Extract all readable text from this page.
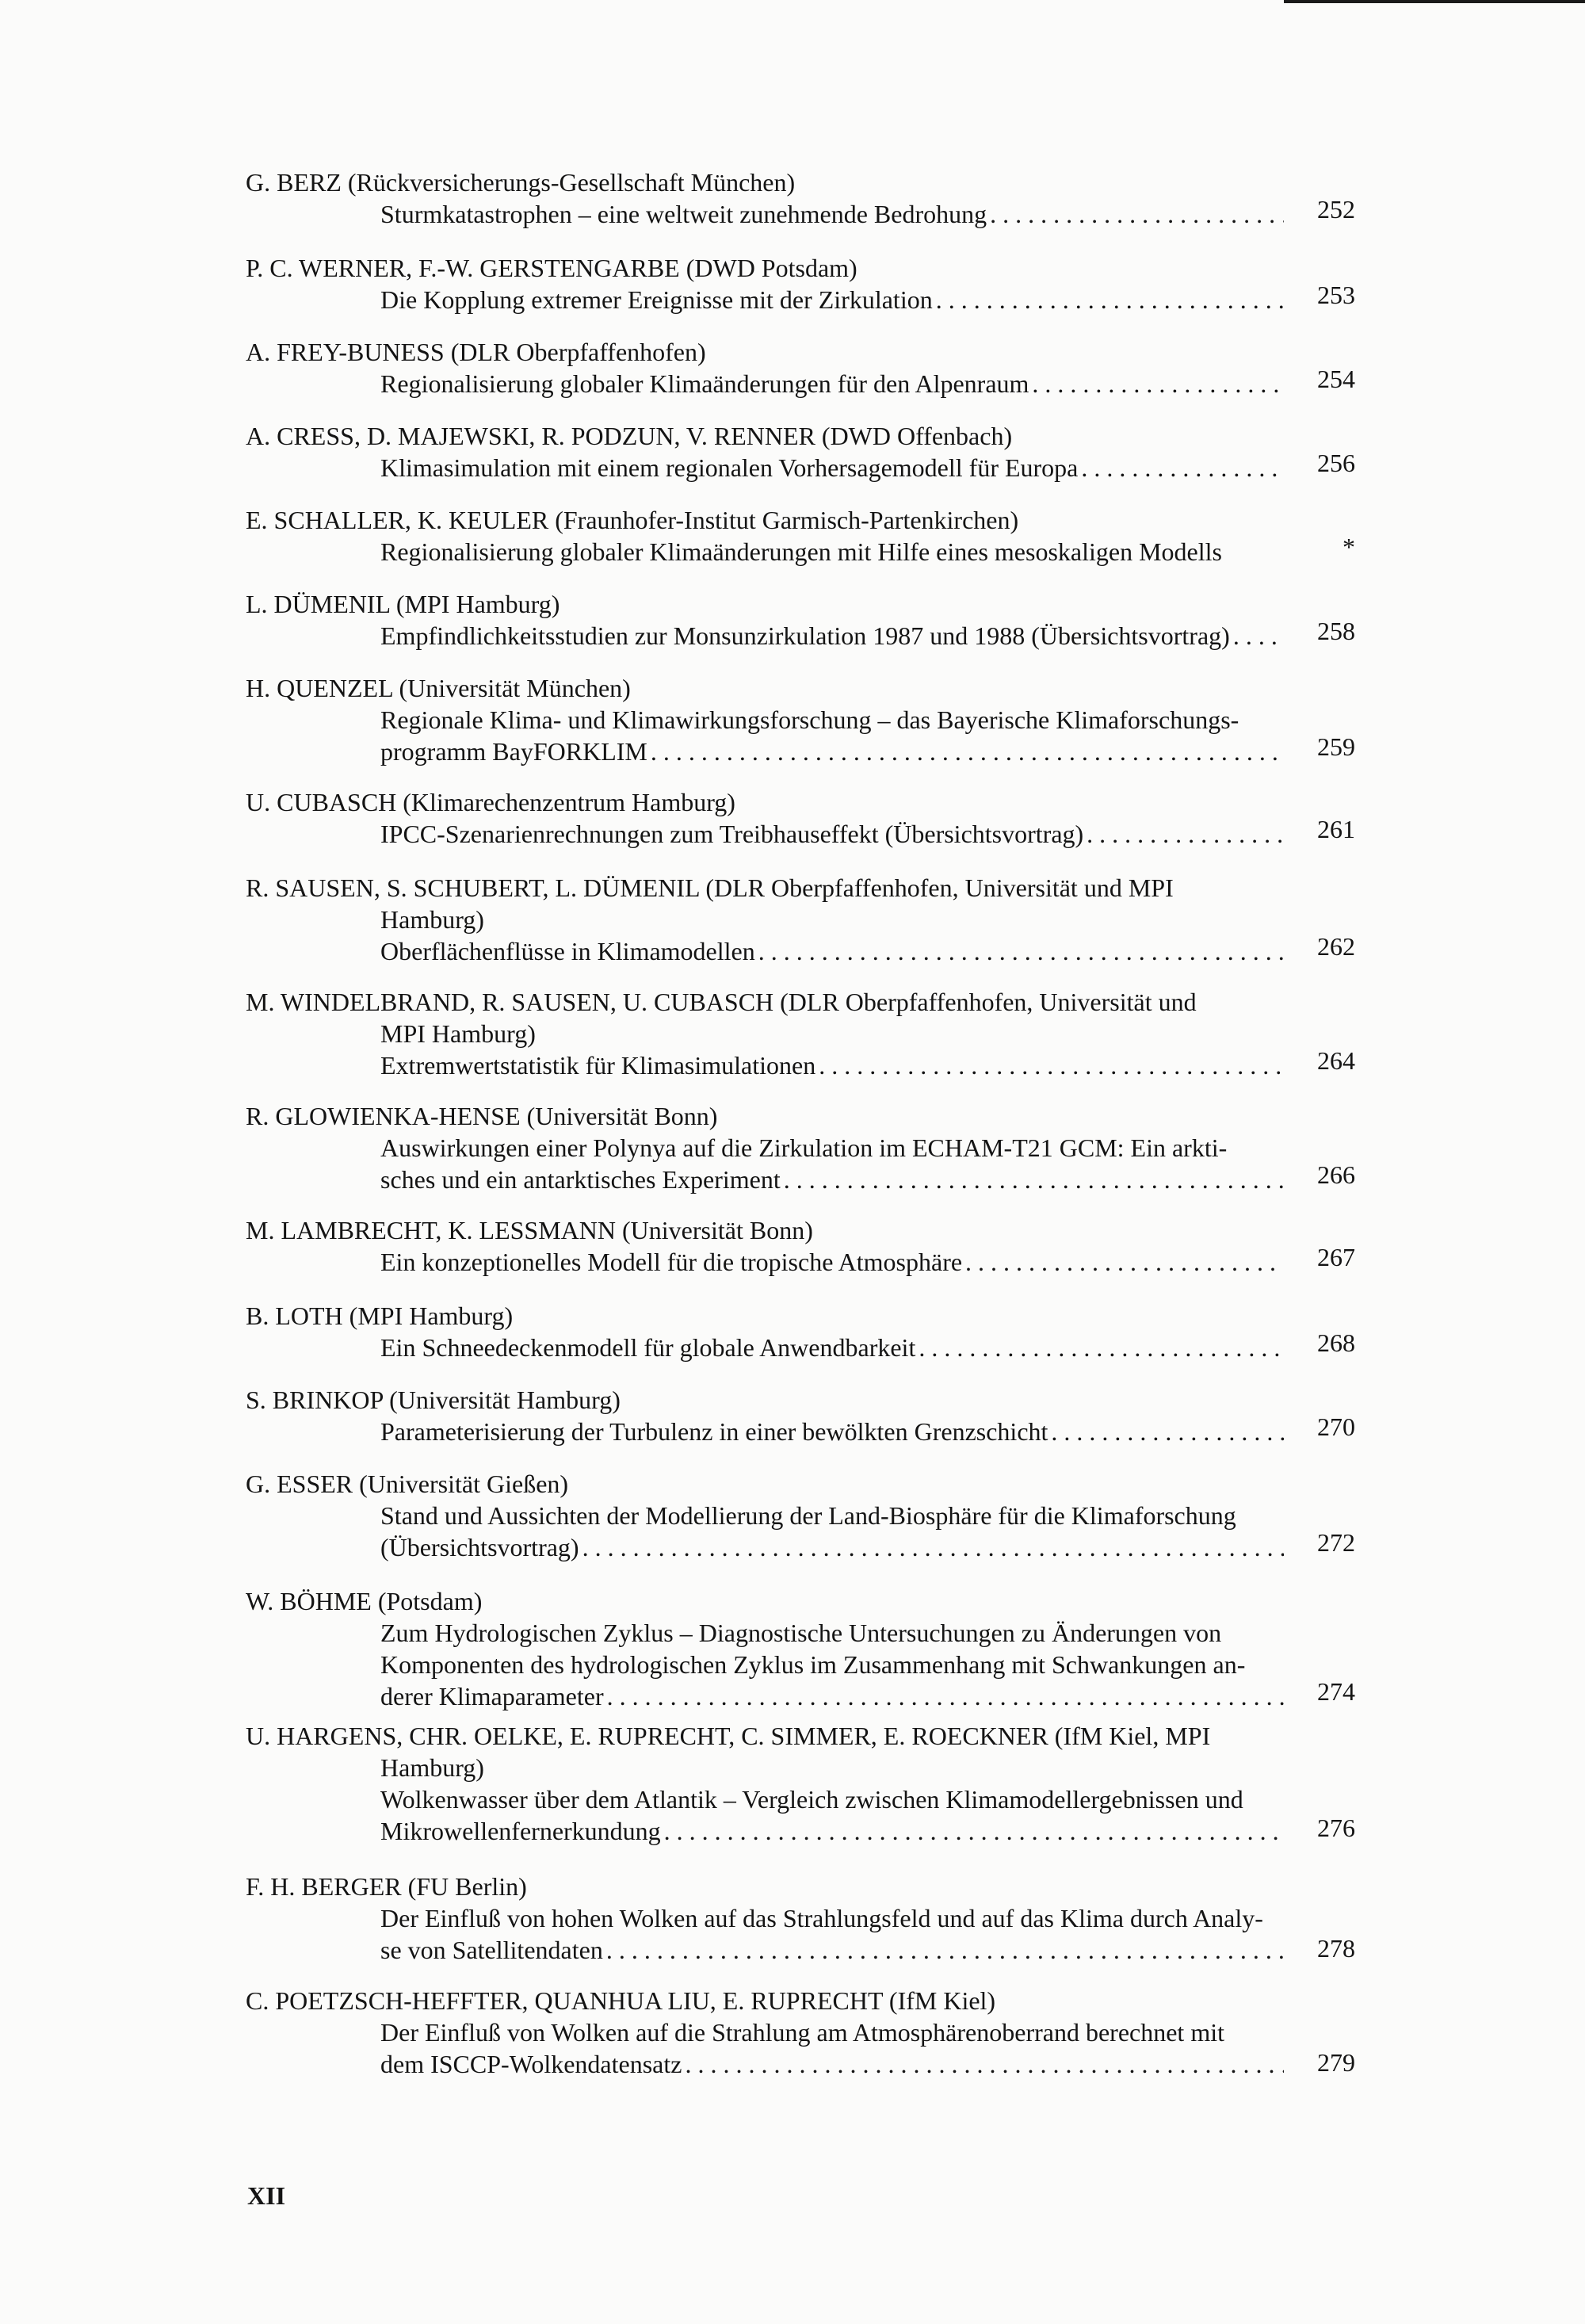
G. BERZ (Rückversicherungs-Gesellschaft München)
Sturmkatastrophen – eine weltweit zunehmende Bedrohung . . .	252
P. C. WERNER, F.-W. GERSTENGARBE (DWD Potsdam)
Die Kopplung extremer Ereignisse mit der Zirkulation . . .	253
A. FREY-BUNESS (DLR Oberpfaffenhofen)
Regionalisierung globaler Klimaänderungen für den Alpenraum . . .	254
A. CRESS, D. MAJEWSKI, R. PODZUN, V. RENNER (DWD Offenbach)
Klimasimulation mit einem regionalen Vorhersagemodell für Europa . . .	256
E. SCHALLER, K. KEULER (Fraunhofer-Institut Garmisch-Partenkirchen)
Regionalisierung globaler Klimaänderungen mit Hilfe eines mesoskaligen Modells	*
L. DÜMENIL (MPI Hamburg)
Empfindlichkeitsstudien zur Monsunzirkulation 1987 und 1988 (Übersichtsvortrag) . . .	258
H. QUENZEL (Universität München)
Regionale Klima- und Klimawirkungsforschung – das Bayerische Klimaforschungs-
programm BayFORKLIM . . .	259
U. CUBASCH (Klimarechenzentrum Hamburg)
IPCC-Szenarienrechnungen zum Treibhauseffekt (Übersichtsvortrag) . . .	261
R. SAUSEN, S. SCHUBERT, L. DÜMENIL (DLR Oberpfaffenhofen, Universität und MPI
Hamburg)
Oberflächenflüsse in Klimamodellen . . .	262
M. WINDELBRAND, R. SAUSEN, U. CUBASCH (DLR Oberpfaffenhofen, Universität und
MPI Hamburg)
Extremwertstatistik für Klimasimulationen . . .	264
R. GLOWIENKA-HENSE (Universität Bonn)
Auswirkungen einer Polynya auf die Zirkulation im ECHAM-T21 GCM: Ein arkti-
sches und ein antarktisches Experiment . . .	266
M. LAMBRECHT, K. LESSMANN (Universität Bonn)
Ein konzeptionelles Modell für die tropische Atmosphäre . . .	267
B. LOTH (MPI Hamburg)
Ein Schneedeckenmodell für globale Anwendbarkeit . . .	268
S. BRINKOP (Universität Hamburg)
Parameterisierung der Turbulenz in einer bewölkten Grenzschicht . . .	270
G. ESSER (Universität Gießen)
Stand und Aussichten der Modellierung der Land-Biosphäre für die Klimaforschung
(Übersichtsvortrag) . . .	272
W. BÖHME (Potsdam)
Zum Hydrologischen Zyklus – Diagnostische Untersuchungen zu Änderungen von
Komponenten des hydrologischen Zyklus im Zusammenhang mit Schwankungen an-
derer Klimaparameter . . .	274
U. HARGENS, CHR. OELKE, E. RUPRECHT, C. SIMMER, E. ROECKNER (IfM Kiel, MPI
Hamburg)
Wolkenwasser über dem Atlantik – Vergleich zwischen Klimamodellergebnissen und
Mikrowellenfernerkundung . . .	276
F. H. BERGER (FU Berlin)
Der Einfluß von hohen Wolken auf das Strahlungsfeld und auf das Klima durch Analy-
se von Satellitendaten . . .	278
C. POETZSCH-HEFFTER, QUANHUA LIU, E. RUPRECHT (IfM Kiel)
Der Einfluß von Wolken auf die Strahlung am Atmosphärenoberrand berechnet mit
dem ISCCP-Wolkendatensatz . . .	279
XII
